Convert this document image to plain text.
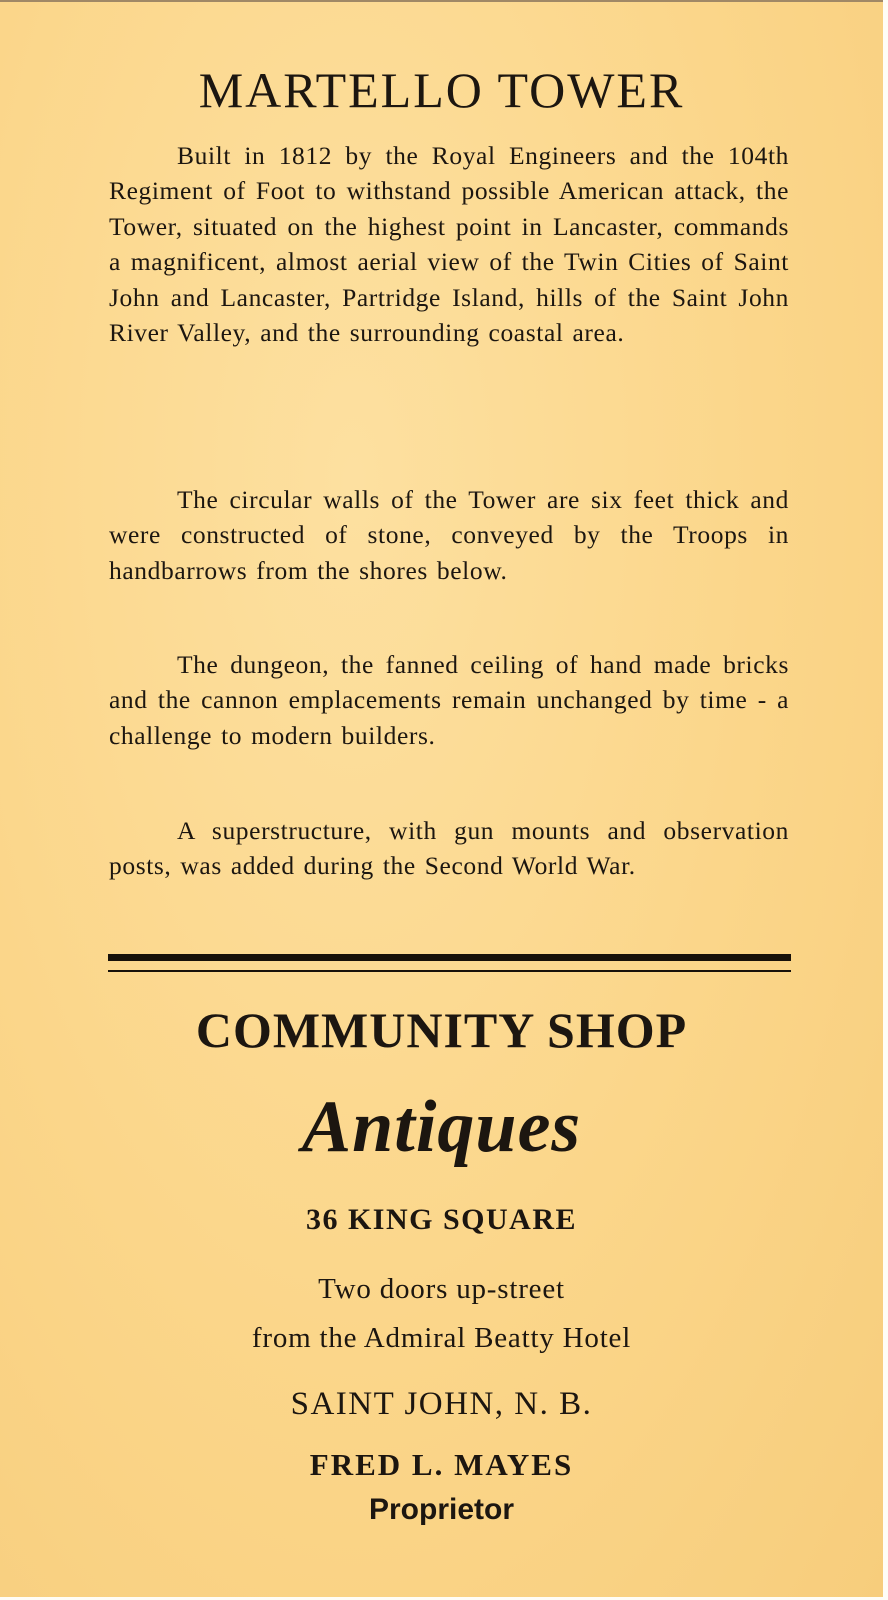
MARTELLO TOWER

Built in 1812 by the Royal Engineers and the 104th Regiment of Foot to withstand possible American attack, the Tower, situated on the highest point in Lancaster, commands a magnificent, almost aerial view of the Twin Cities of Saint John and Lancaster, Partridge Island, hills of the Saint John River Valley, and the surrounding coastal area.

The circular walls of the Tower are six feet thick and were constructed of stone, conveyed by the Troops in handbarrows from the shores below.

The dungeon, the fanned ceiling of hand made bricks and the cannon emplacements remain unchanged by time - a challenge to modern builders.

A superstructure, with gun mounts and observation posts, was added during the Second World War.

COMMUNITY SHOP
Antiques

36 KING SQUARE

Two doors up-street

from the Admiral Beatty Hotel

SAINT JOHN, N. B.

FRED L. MAYES

Proprietor
